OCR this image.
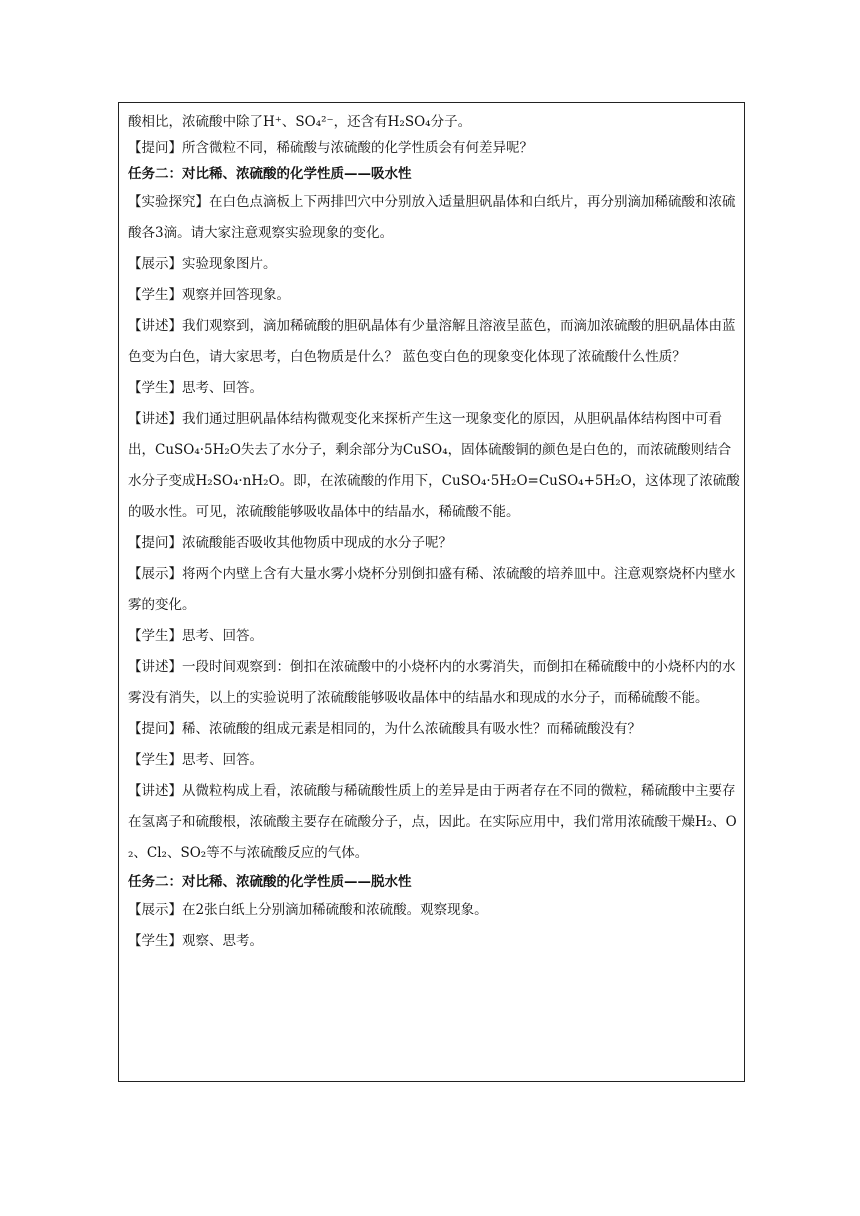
酸相比，浓硫酸中除了H⁺、SO₄²⁻，还含有H₂SO₄分子。

【提问】所含微粒不同，稀硫酸与浓硫酸的化学性质会有何差异呢？

任务二：对比稀、浓硫酸的化学性质——吸水性

【实验探究】在白色点滴板上下两排凹穴中分别放入适量胆矾晶体和白纸片，再分别滴加稀硫酸和浓硫酸各3滴。请大家注意观察实验现象的变化。

【展示】实验现象图片。

【学生】观察并回答现象。

【讲述】我们观察到，滴加稀硫酸的胆矾晶体有少量溶解且溶液呈蓝色，而滴加浓硫酸的胆矾晶体由蓝色变为白色，请大家思考，白色物质是什么？ 蓝色变白色的现象变化体现了浓硫酸什么性质？

【学生】思考、回答。

【讲述】我们通过胆矾晶体结构微观变化来探析产生这一现象变化的原因，从胆矾晶体结构图中可看出，CuSO₄·5H₂O失去了水分子，剩余部分为CuSO₄，固体硫酸铜的颜色是白色的，而浓硫酸则结合水分子变成H₂SO₄·nH₂O。即，在浓硫酸的作用下，CuSO₄·5H₂O=CuSO₄+5H₂O，这体现了浓硫酸的吸水性。可见，浓硫酸能够吸收晶体中的结晶水，稀硫酸不能。

【提问】浓硫酸能否吸收其他物质中现成的水分子呢？

【展示】将两个内壁上含有大量水雾小烧杯分别倒扣盛有稀、浓硫酸的培养皿中。注意观察烧杯内壁水雾的变化。

【学生】思考、回答。

【讲述】一段时间观察到：倒扣在浓硫酸中的小烧杯内的水雾消失，而倒扣在稀硫酸中的小烧杯内的水雾没有消失，以上的实验说明了浓硫酸能够吸收晶体中的结晶水和现成的水分子，而稀硫酸不能。

【提问】稀、浓硫酸的组成元素是相同的，为什么浓硫酸具有吸水性？而稀硫酸没有？

【学生】思考、回答。

【讲述】从微粒构成上看，浓硫酸与稀硫酸性质上的差异是由于两者存在不同的微粒，稀硫酸中主要存在氢离子和硫酸根，浓硫酸主要存在硫酸分子，点，因此。在实际应用中，我们常用浓硫酸干燥H₂、O₂、Cl₂、SO₂等不与浓硫酸反应的气体。

任务二：对比稀、浓硫酸的化学性质——脱水性

【展示】在2张白纸上分别滴加稀硫酸和浓硫酸。观察现象。

【学生】观察、思考。
